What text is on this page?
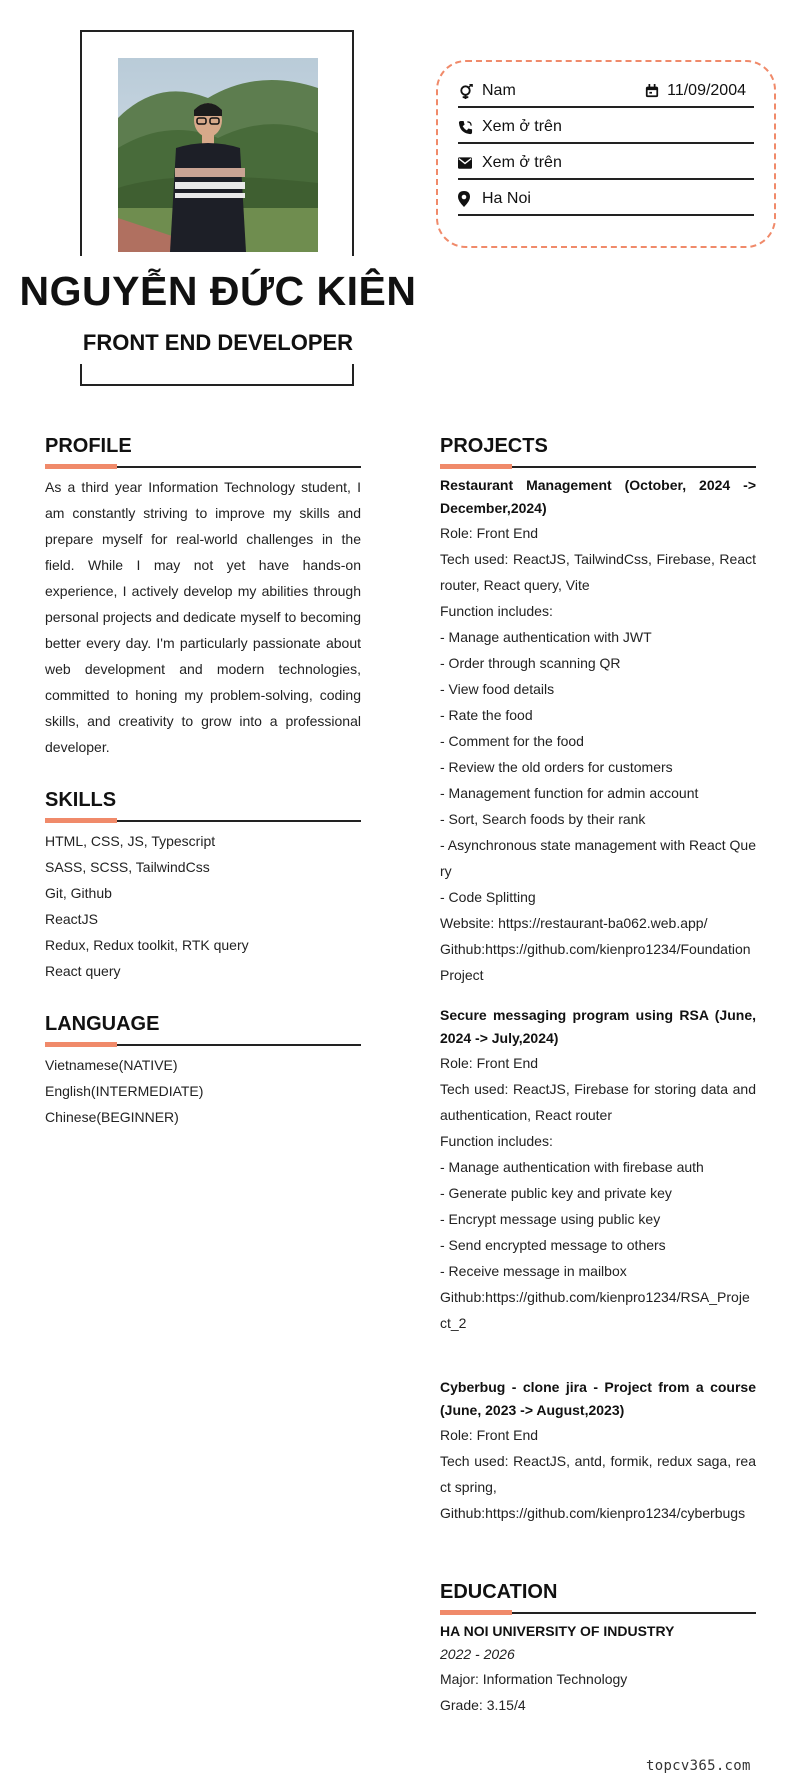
NGUYỄN ĐỨC KIÊN
FRONT END DEVELOPER
Nam	11/09/2004
Xem ở trên
Xem ở trên
Ha Noi
PROFILE
As a third year Information Technology student, I am constantly striving to improve my skills and prepare myself for real-world challenges in the field. While I may not yet have hands-on experience, I actively develop my abilities through personal projects and dedicate myself to becoming better every day. I'm particularly passionate about web development and modern technologies, committed to honing my problem-solving, coding skills, and creativity to grow into a professional developer.
SKILLS
HTML, CSS, JS, Typescript
SASS, SCSS, TailwindCss
Git, Github
ReactJS
Redux, Redux toolkit, RTK query
React query
LANGUAGE
Vietnamese(NATIVE)
English(INTERMEDIATE)
Chinese(BEGINNER)
PROJECTS
Restaurant Management (October, 2024 -> December,2024)
Role: Front End
Tech used: ReactJS, TailwindCss, Firebase, React router, React query, Vite
Function includes:
- Manage authentication with JWT
- Order through scanning QR
- View food details
- Rate the food
- Comment for the food
- Review the old orders for customers
- Management function for admin account
- Sort, Search foods by their rank
- Asynchronous state management with React Query
- Code Splitting
Website: https://restaurant-ba062.web.app/
Github:https://github.com/kienpro1234/FoundationProject
Secure messaging program using RSA (June, 2024 -> July,2024)
Role: Front End
Tech used: ReactJS, Firebase for storing data and authentication, React router
Function includes:
- Manage authentication with firebase auth
- Generate public key and private key
- Encrypt message using public key
- Send encrypted message to others
- Receive message in mailbox
Github:https://github.com/kienpro1234/RSA_Project_2
Cyberbug - clone jira - Project from a course (June, 2023 -> August,2023)
Role: Front End
Tech used: ReactJS, antd, formik, redux saga, react spring,
Github:https://github.com/kienpro1234/cyberbugs
EDUCATION
HA NOI UNIVERSITY OF INDUSTRY
2022 - 2026
Major: Information Technology
Grade: 3.15/4
topcv365.com
